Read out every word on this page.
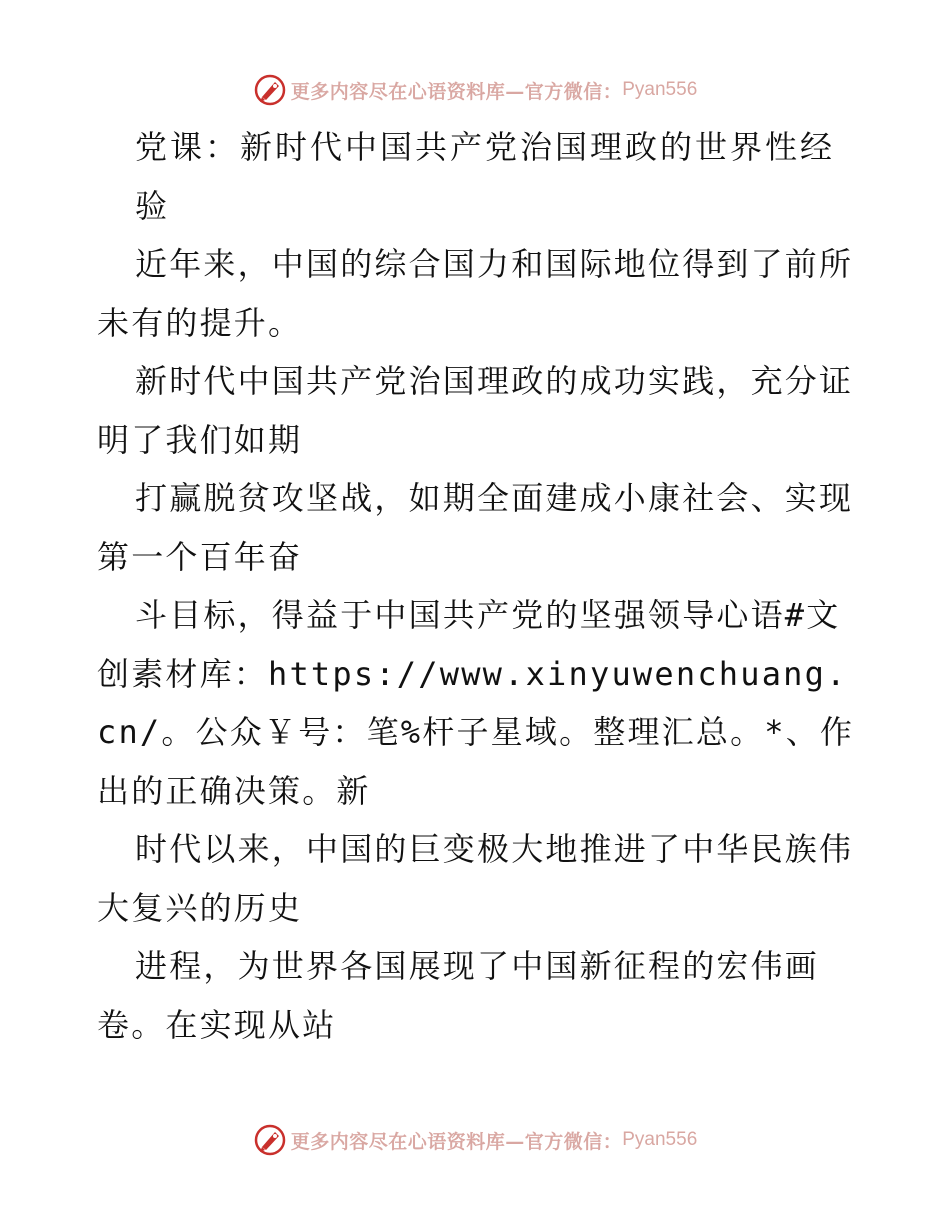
更多内容尽在心语资料库—官方微信： Pyan556

党课：新时代中国共产党治国理政的世界性经验

近年来，中国的综合国力和国际地位得到了前所未有的提升。

新时代中国共产党治国理政的成功实践，充分证明了我们如期

打赢脱贫攻坚战，如期全面建成小康社会、实现第一个百年奋

斗目标，得益于中国共产党的坚强领导心语#文创素材库：https://www.xinyuwenchuang.cn/。公众￥号：笔%杆子星域。整理汇总。*、作出的正确决策。新

时代以来，中国的巨变极大地推进了中华民族伟大复兴的历史

进程，为世界各国展现了中国新征程的宏伟画卷。在实现从站

更多内容尽在心语资料库—官方微信： Pyan556
